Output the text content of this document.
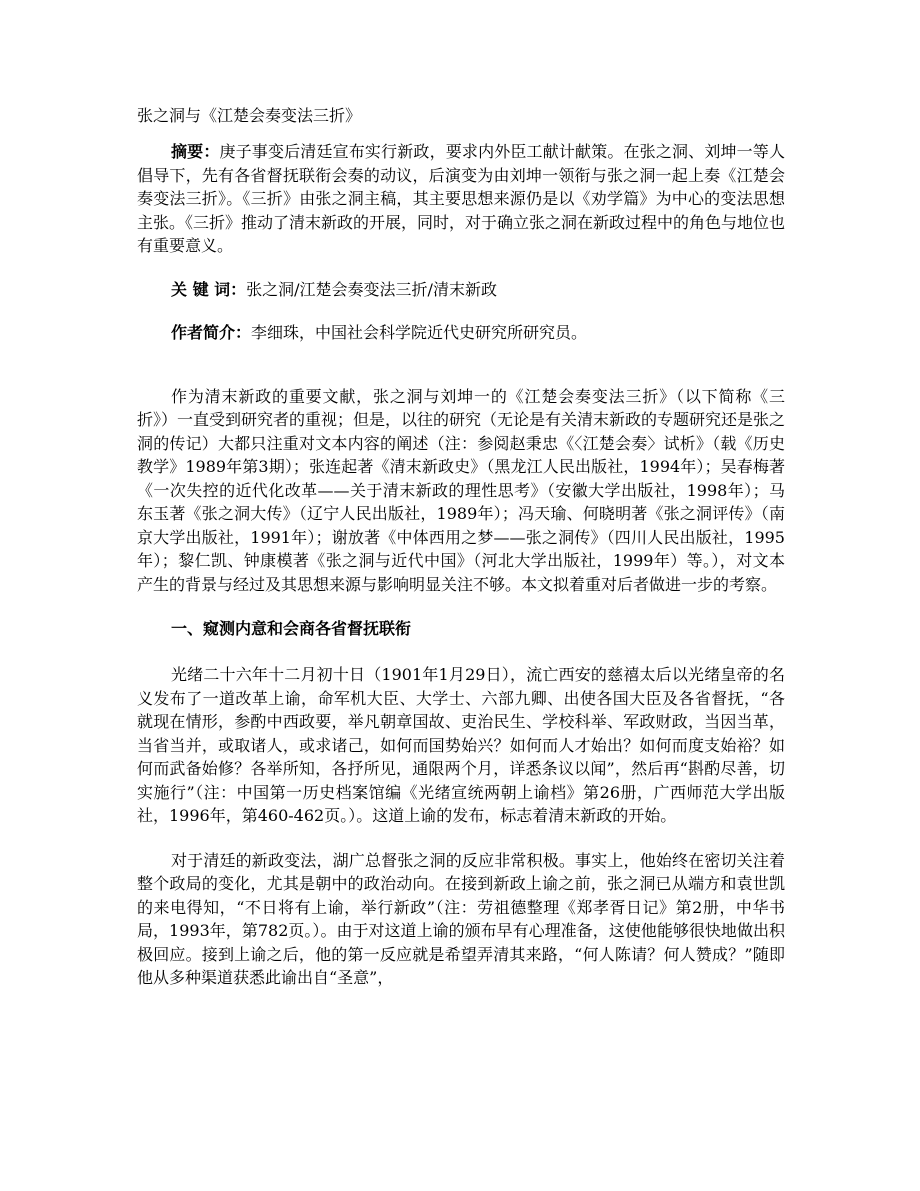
张之洞与《江楚会奏变法三折》

摘要：庚子事变后清廷宣布实行新政，要求内外臣工献计献策。在张之洞、刘坤一等人倡导下，先有各省督抚联衔会奏的动议，后演变为由刘坤一领衔与张之洞一起上奏《江楚会奏变法三折》。《三折》由张之洞主稿，其主要思想来源仍是以《劝学篇》为中心的变法思想主张。《三折》推动了清末新政的开展，同时，对于确立张之洞在新政过程中的角色与地位也有重要意义。

关 键 词：张之洞/江楚会奏变法三折/清末新政

作者简介：李细珠，中国社会科学院近代史研究所研究员。

作为清末新政的重要文献，张之洞与刘坤一的《江楚会奏变法三折》（以下简称《三折》）一直受到研究者的重视；但是，以往的研究（无论是有关清末新政的专题研究还是张之洞的传记）大都只注重对文本内容的阐述（注：参阅赵秉忠《〈江楚会奏〉试析》（载《历史教学》1989年第3期）；张连起著《清末新政史》（黑龙江人民出版社，1994年）；吴春梅著《一次失控的近代化改革——关于清末新政的理性思考》（安徽大学出版社，1998年）；马东玉著《张之洞大传》（辽宁人民出版社，1989年）；冯天瑜、何晓明著《张之洞评传》（南京大学出版社，1991年）；谢放著《中体西用之梦——张之洞传》（四川人民出版社，1995年）；黎仁凯、钟康模著《张之洞与近代中国》（河北大学出版社，1999年）等。），对文本产生的背景与经过及其思想来源与影响明显关注不够。本文拟着重对后者做进一步的考察。

一、窥测内意和会商各省督抚联衔

光绪二十六年十二月初十日（1901年1月29日），流亡西安的慈禧太后以光绪皇帝的名义发布了一道改革上谕，命军机大臣、大学士、六部九卿、出使各国大臣及各省督抚，“各就现在情形，参酌中西政要，举凡朝章国故、吏治民生、学校科举、军政财政，当因当革，当省当并，或取诸人，或求诸己，如何而国势始兴？如何而人才始出？如何而度支始裕？如何而武备始修？各举所知，各抒所见，通限两个月，详悉条议以闻”，然后再“斟酌尽善，切实施行”（注：中国第一历史档案馆编《光绪宣统两朝上谕档》第26册，广西师范大学出版社，1996年，第460-462页。）。这道上谕的发布，标志着清末新政的开始。

对于清廷的新政变法，湖广总督张之洞的反应非常积极。事实上，他始终在密切关注着整个政局的变化，尤其是朝中的政治动向。在接到新政上谕之前，张之洞已从端方和袁世凯的来电得知，“不日将有上谕，举行新政”（注：劳祖德整理《郑孝胥日记》第2册，中华书局，1993年，第782页。）。由于对这道上谕的颁布早有心理准备，这使他能够很快地做出积极回应。接到上谕之后，他的第一反应就是希望弄清其来路，“何人陈请？何人赞成？”随即他从多种渠道获悉此谕出自“圣意”，
